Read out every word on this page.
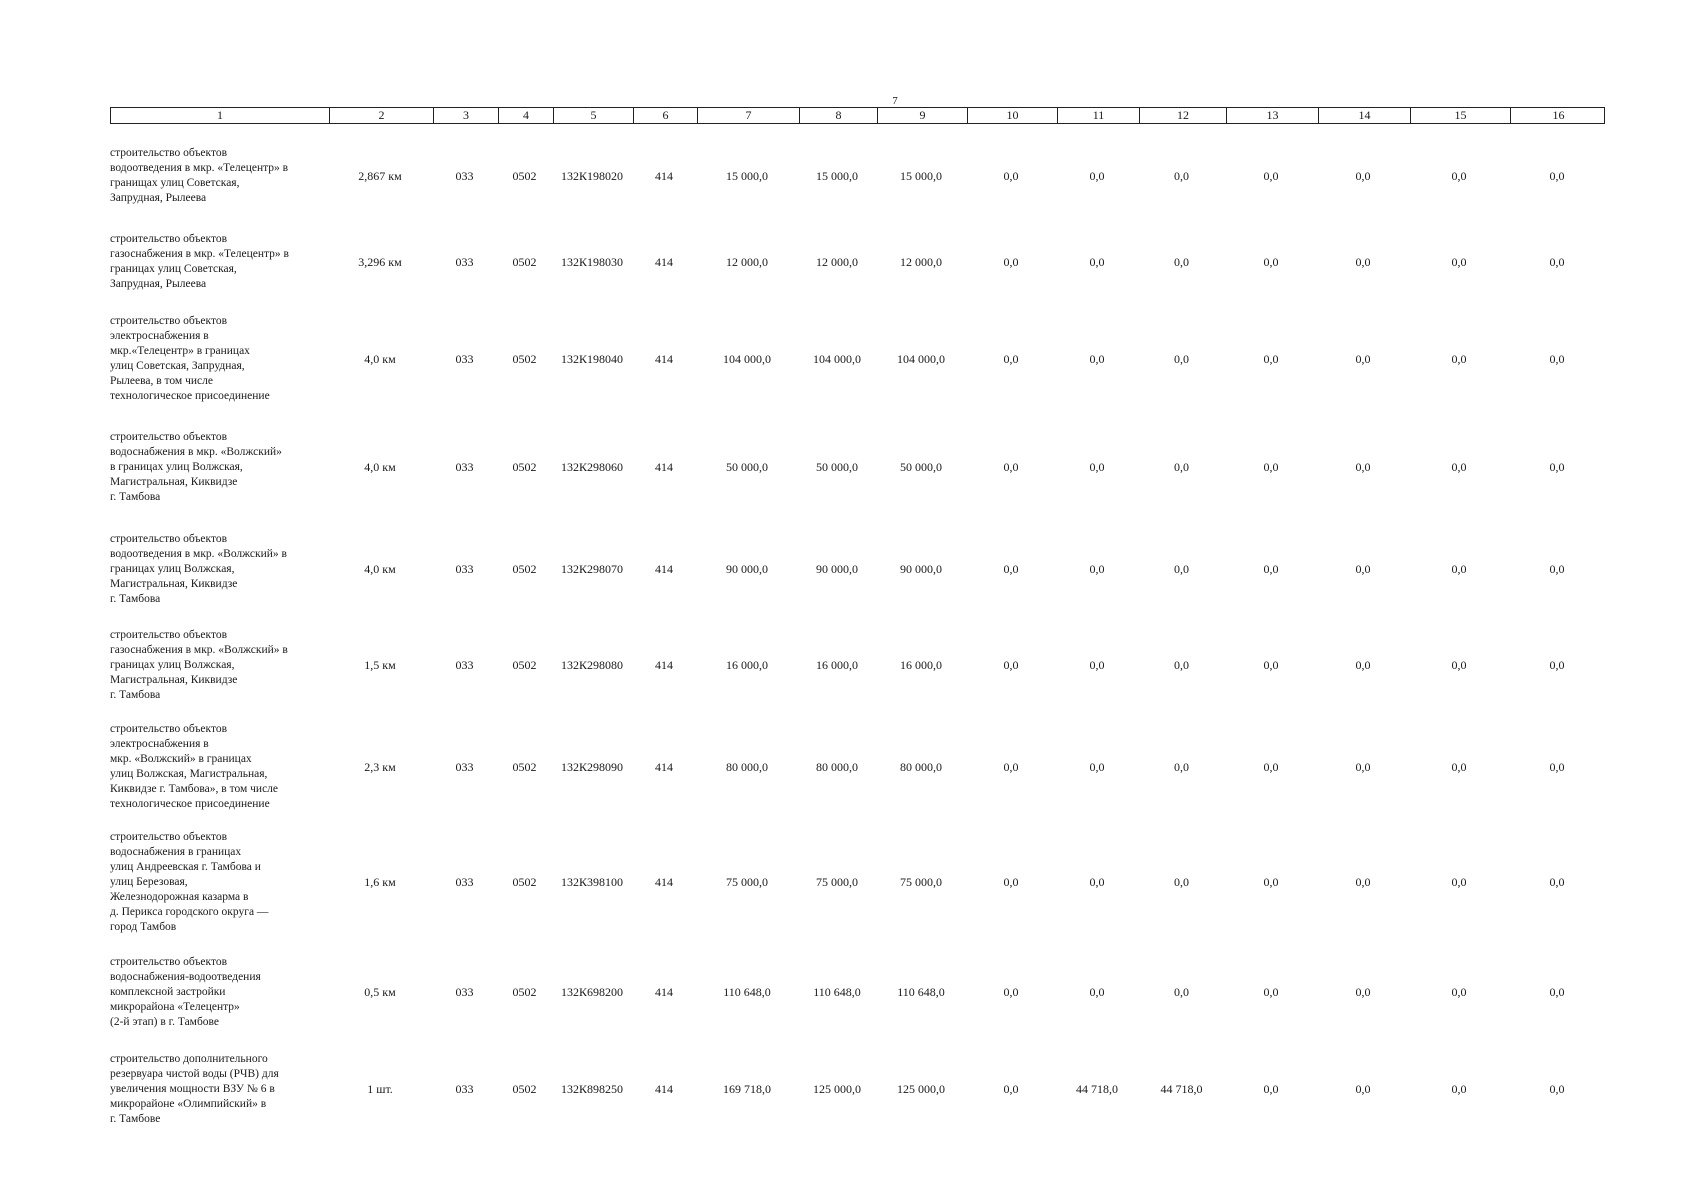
7
1	2	3	4	5	6	7	8	9	10	11	12	13	14	15	16
строительство объектов
водоотведения в мкр. «Телецентр» в
гранищах улиц Советская,
Запрудная, Рылеева
2,867 км	033	0502	132К198020	414	15 000,0	15 000,0	15 000,0	0,0	0,0	0,0	0,0	0,0	0,0	0,0
строительство объектов
газоснабжения в мкр. «Телецентр» в
границах улиц Советская,
Запрудная, Рылеева
3,296 км	033	0502	132К198030	414	12 000,0	12 000,0	12 000,0	0,0	0,0	0,0	0,0	0,0	0,0	0,0
строительство объектов
электроснабжения в
мкр.«Телецентр» в границах
улиц Советская, Запрудная,
Рылеева, в том числе
технологическое присоединение
4,0 км	033	0502	132К198040	414	104 000,0	104 000,0	104 000,0	0,0	0,0	0,0	0,0	0,0	0,0	0,0
строительство объектов
водоснабжения в мкр. «Волжский»
в границах улиц Волжская,
Магистральная, Киквидзе
г. Тамбова
4,0 км	033	0502	132К298060	414	50 000,0	50 000,0	50 000,0	0,0	0,0	0,0	0,0	0,0	0,0	0,0
строительство объектов
водоотведения в мкр. «Волжский» в
границах улиц Волжская,
Магистральная, Киквидзе
г. Тамбова
4,0 км	033	0502	132К298070	414	90 000,0	90 000,0	90 000,0	0,0	0,0	0,0	0,0	0,0	0,0	0,0
строительство объектов
газоснабжения в мкр. «Волжский» в
границах улиц Волжская,
Магистральная, Киквидзе
г. Тамбова
1,5 км	033	0502	132К298080	414	16 000,0	16 000,0	16 000,0	0,0	0,0	0,0	0,0	0,0	0,0	0,0
строительство объектов
электроснабжения в
мкр. «Волжский» в границах
улиц Волжская, Магистральная,
Киквидзе г. Тамбова», в том числе
технологическое присоединение
2,3 км	033	0502	132К298090	414	80 000,0	80 000,0	80 000,0	0,0	0,0	0,0	0,0	0,0	0,0	0,0
строительство объектов
водоснабжения в границах
улиц Андреевская г. Тамбова и
улиц Березовая,
Железнодорожная казарма в
д. Перикса городского округа —
город Тамбов
1,6 км	033	0502	132К398100	414	75 000,0	75 000,0	75 000,0	0,0	0,0	0,0	0,0	0,0	0,0	0,0
строительство объектов
водоснабжения-водоотведения
комплексной застройки
микрорайона «Телецентр»
(2-й этап) в г. Тамбове
0,5 км	033	0502	132К698200	414	110 648,0	110 648,0	110 648,0	0,0	0,0	0,0	0,0	0,0	0,0	0,0
строительство дополнительного
резервуара чистой воды (РЧВ) для
увеличения мощности ВЗУ № 6 в
микрорайоне «Олимпийский» в
г. Тамбове
1 шт.	033	0502	132К898250	414	169 718,0	125 000,0	125 000,0	0,0	44 718,0	44 718,0	0,0	0,0	0,0	0,0
